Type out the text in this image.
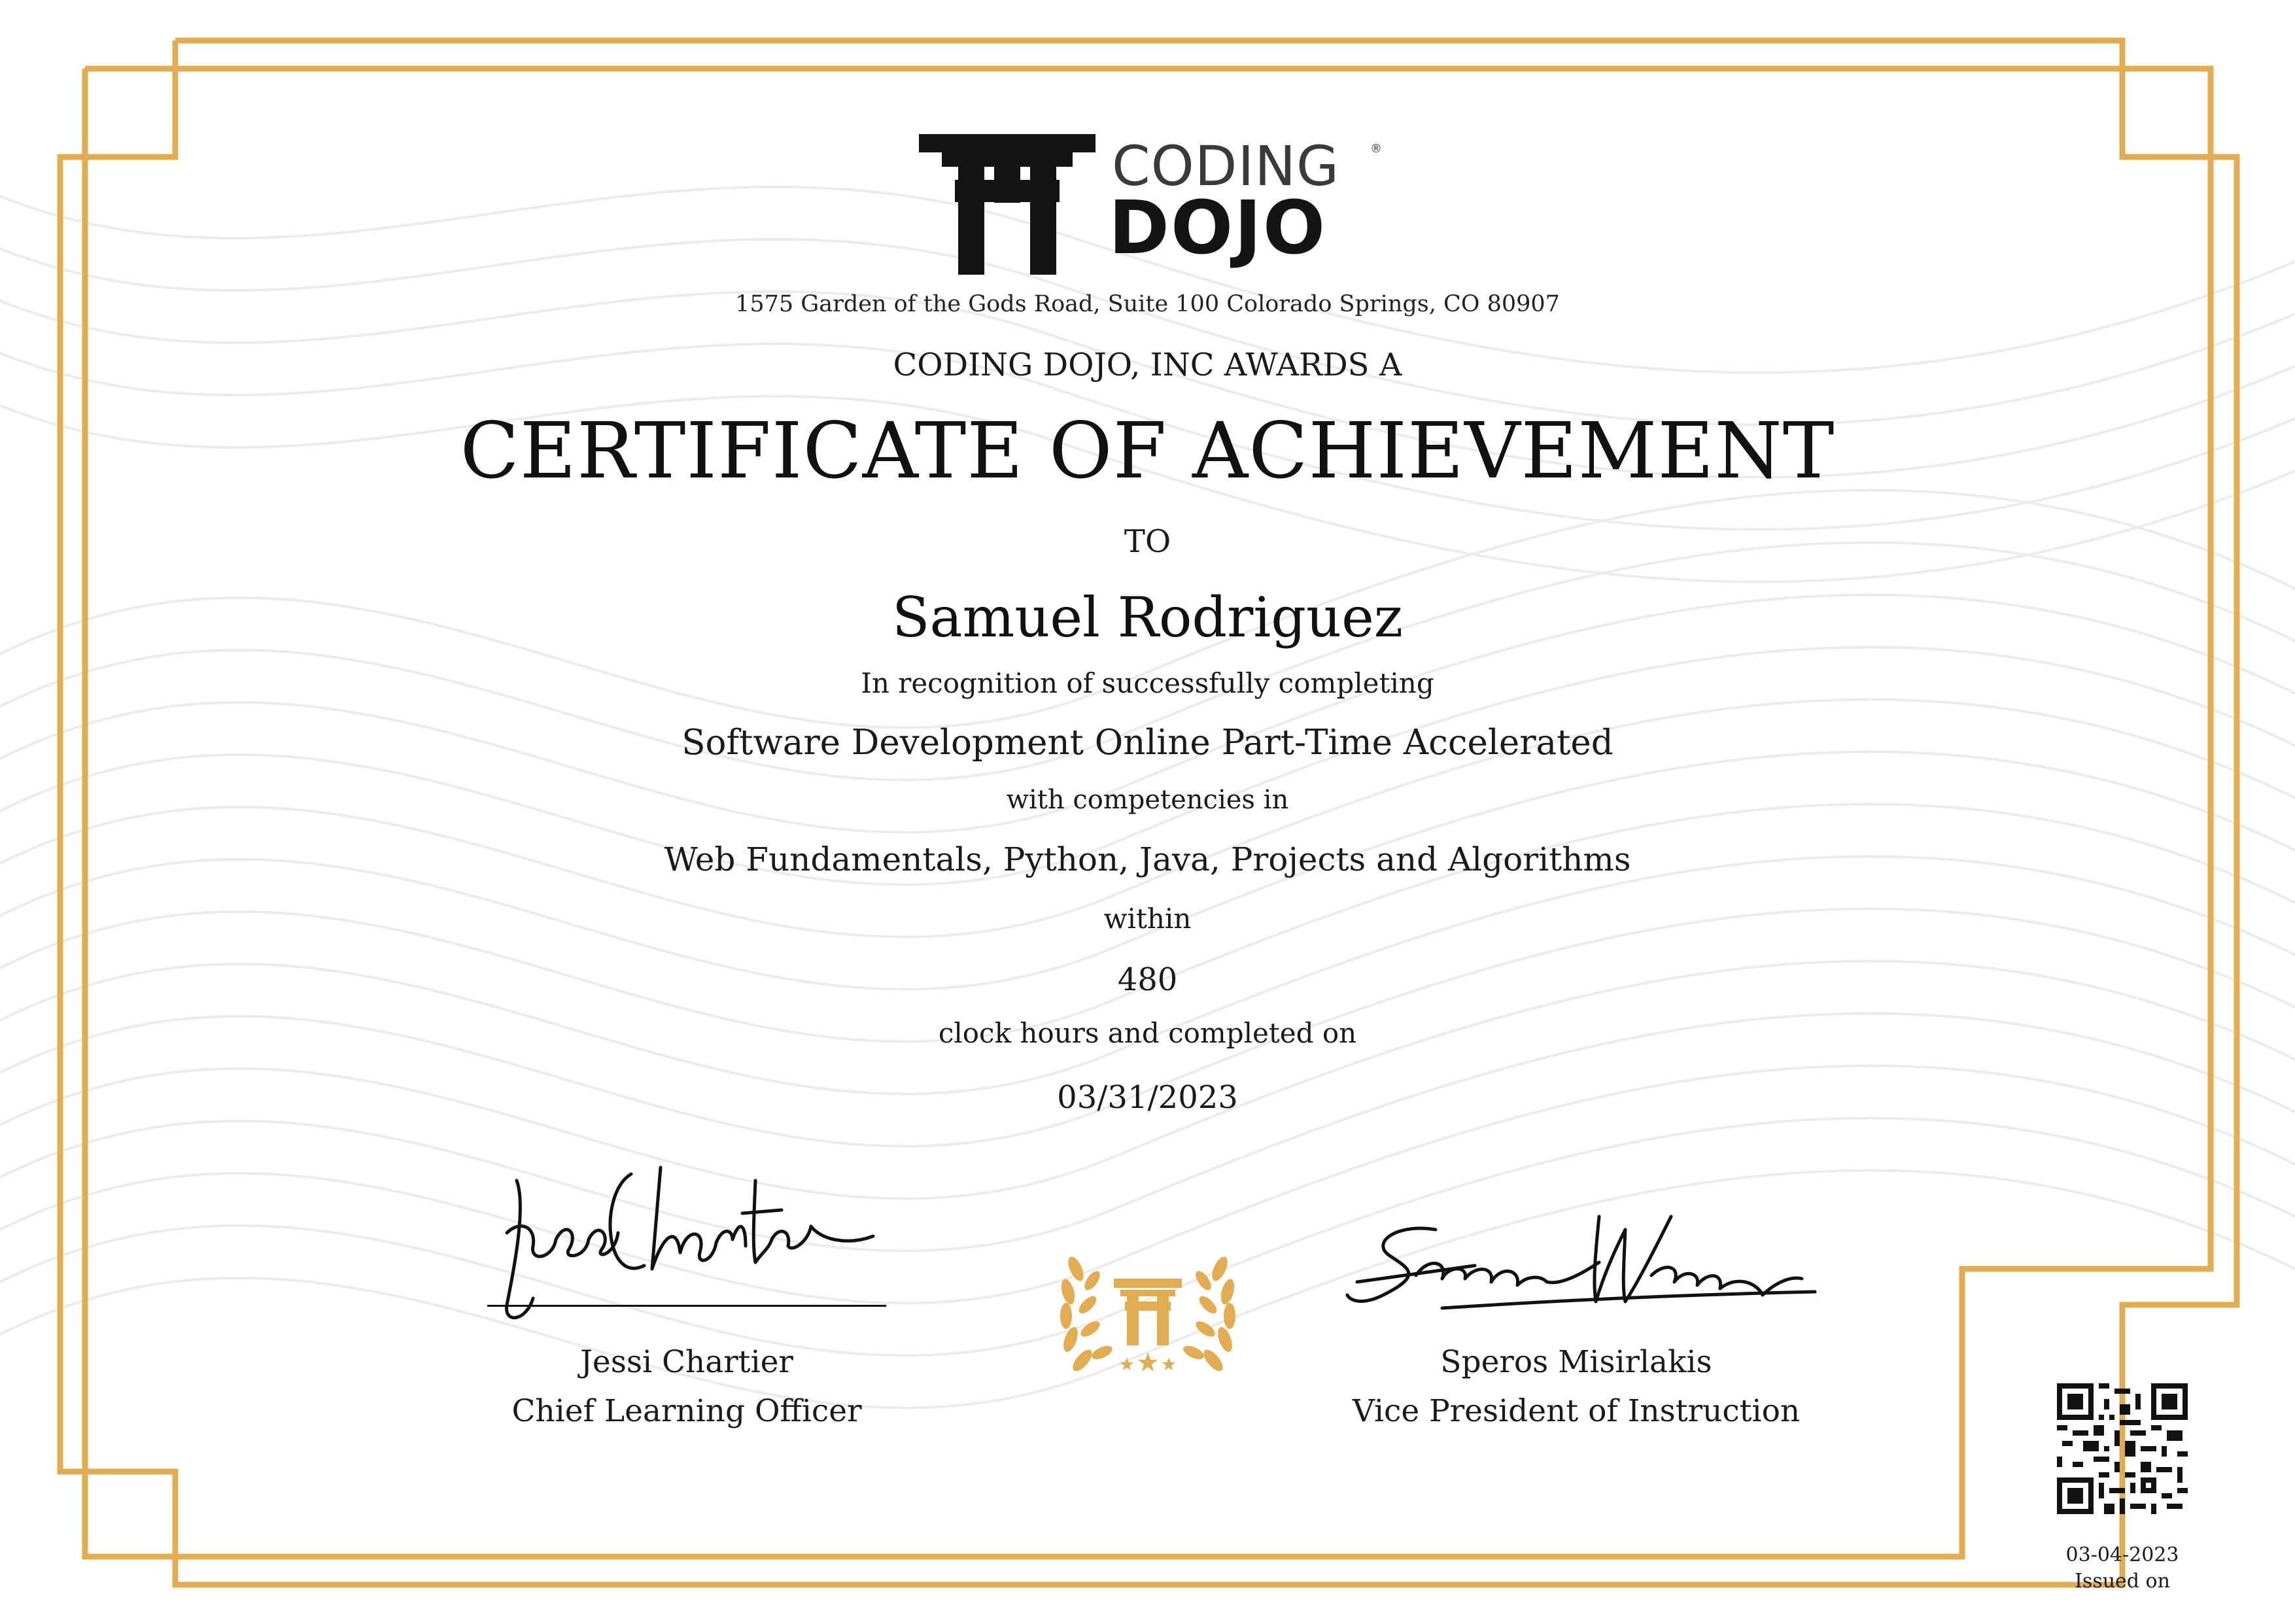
CODING	®
DOJO
1575 Garden of the Gods Road, Suite 100 Colorado Springs, CO 80907
CODING DOJO, INC AWARDS A
CERTIFICATE OF ACHIEVEMENT
TO
Samuel Rodriguez
In recognition of successfully completing
Software Development Online Part-Time Accelerated
with competencies in
Web Fundamentals, Python, Java, Projects and Algorithms
within
480
clock hours and completed on
03/31/2023
Jessi Chartier
Chief Learning Officer
Speros Misirlakis
Vice President of Instruction
03-04-2023
Issued on
